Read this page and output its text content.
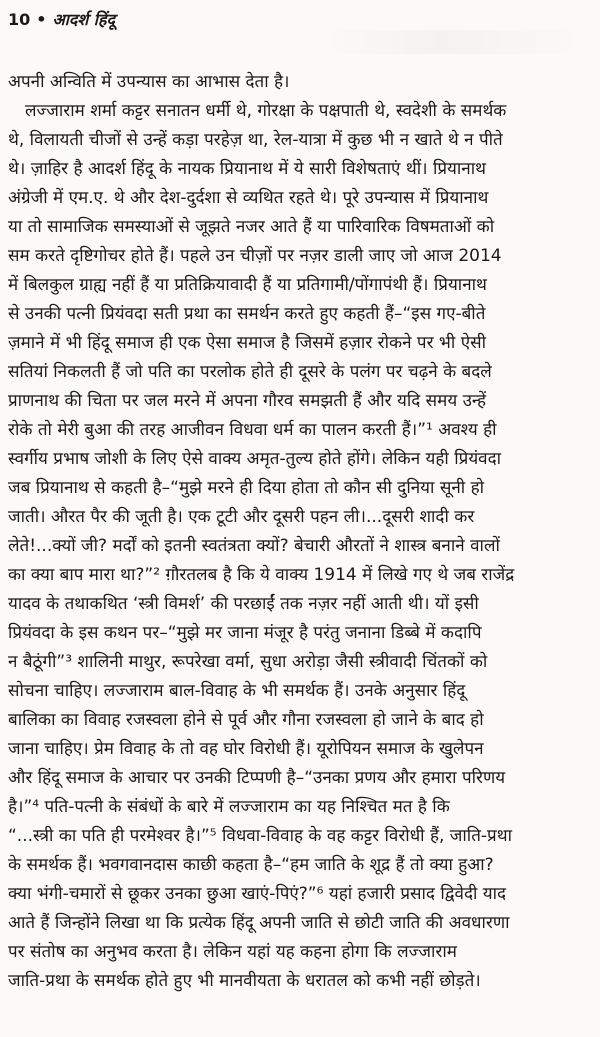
10 • आदर्श हिंदू
अपनी अन्विति में उपन्यास का आभास देता है।
लज्जाराम शर्मा कट्टर सनातन धर्मी थे, गोरक्षा के पक्षपाती थे, स्वदेशी के समर्थक
थे, विलायती चीजों से उन्हें कड़ा परहेज़ था, रेल-यात्रा में कुछ भी न खाते थे न पीते
थे। ज़ाहिर है आदर्श हिंदू के नायक प्रियानाथ में ये सारी विशेषताएं थीं। प्रियानाथ
अंग्रेजी में एम.ए. थे और देश-दुर्दशा से व्यथित रहते थे। पूरे उपन्यास में प्रियानाथ
या तो सामाजिक समस्याओं से जूझते नजर आते हैं या पारिवारिक विषमताओं को
सम करते दृष्टिगोचर होते हैं। पहले उन चीज़ों पर नज़र डाली जाए जो आज 2014
में बिलकुल ग्राह्य नहीं हैं या प्रतिक्रियावादी हैं या प्रतिगामी/पोंगापंथी हैं। प्रियानाथ
से उनकी पत्नी प्रियंवदा सती प्रथा का समर्थन करते हुए कहती हैं–“इस गए-बीते
ज़माने में भी हिंदू समाज ही एक ऐसा समाज है जिसमें हज़ार रोकने पर भी ऐसी
सतियां निकलती हैं जो पति का परलोक होते ही दूसरे के पलंग पर चढ़ने के बदले
प्राणनाथ की चिता पर जल मरने में अपना गौरव समझती हैं और यदि समय उन्हें
रोके तो मेरी बुआ की तरह आजीवन विधवा धर्म का पालन करती हैं।”¹ अवश्य ही
स्वर्गीय प्रभाष जोशी के लिए ऐसे वाक्य अमृत-तुल्य होते होंगे। लेकिन यही प्रियंवदा
जब प्रियानाथ से कहती है–“मुझे मरने ही दिया होता तो कौन सी दुनिया सूनी हो
जाती। औरत पैर की जूती है। एक टूटी और दूसरी पहन ली।...दूसरी शादी कर
लेते!...क्यों जी? मर्दों को इतनी स्वतंत्रता क्यों? बेचारी औरतों ने शास्त्र बनाने वालों
का क्या बाप मारा था?”² ग़ौरतलब है कि ये वाक्य 1914 में लिखे गए थे जब राजेंद्र
यादव के तथाकथित ‘स्त्री विमर्श’ की परछाईं तक नज़र नहीं आती थी। यों इसी
प्रियंवदा के इस कथन पर–“मुझे मर जाना मंजूर है परंतु जनाना डिब्बे में कदापि
न बैठूंगी”³ शालिनी माथुर, रूपरेखा वर्मा, सुधा अरोड़ा जैसी स्त्रीवादी चिंतकों को
सोचना चाहिए। लज्जाराम बाल-विवाह के भी समर्थक हैं। उनके अनुसार हिंदू
बालिका का विवाह रजस्वला होने से पूर्व और गौना रजस्वला हो जाने के बाद हो
जाना चाहिए। प्रेम विवाह के तो वह घोर विरोधी हैं। यूरोपियन समाज के खुलेपन
और हिंदू समाज के आचार पर उनकी टिप्पणी है–“उनका प्रणय और हमारा परिणय
है।”⁴ पति-पत्नी के संबंधों के बारे में लज्जाराम का यह निश्चित मत है कि
“...स्त्री का पति ही परमेश्वर है।”⁵ विधवा-विवाह के वह कट्टर विरोधी हैं, जाति-प्रथा
के समर्थक हैं। भवगवानदास काछी कहता है–“हम जाति के शूद्र हैं तो क्या हुआ?
क्या भंगी-चमारों से छूकर उनका छुआ खाएं-पिएं?”⁶ यहां हजारी प्रसाद द्विवेदी याद
आते हैं जिन्होंने लिखा था कि प्रत्येक हिंदू अपनी जाति से छोटी जाति की अवधारणा
पर संतोष का अनुभव करता है। लेकिन यहां यह कहना होगा कि लज्जाराम
जाति-प्रथा के समर्थक होते हुए भी मानवीयता के धरातल को कभी नहीं छोड़ते।
